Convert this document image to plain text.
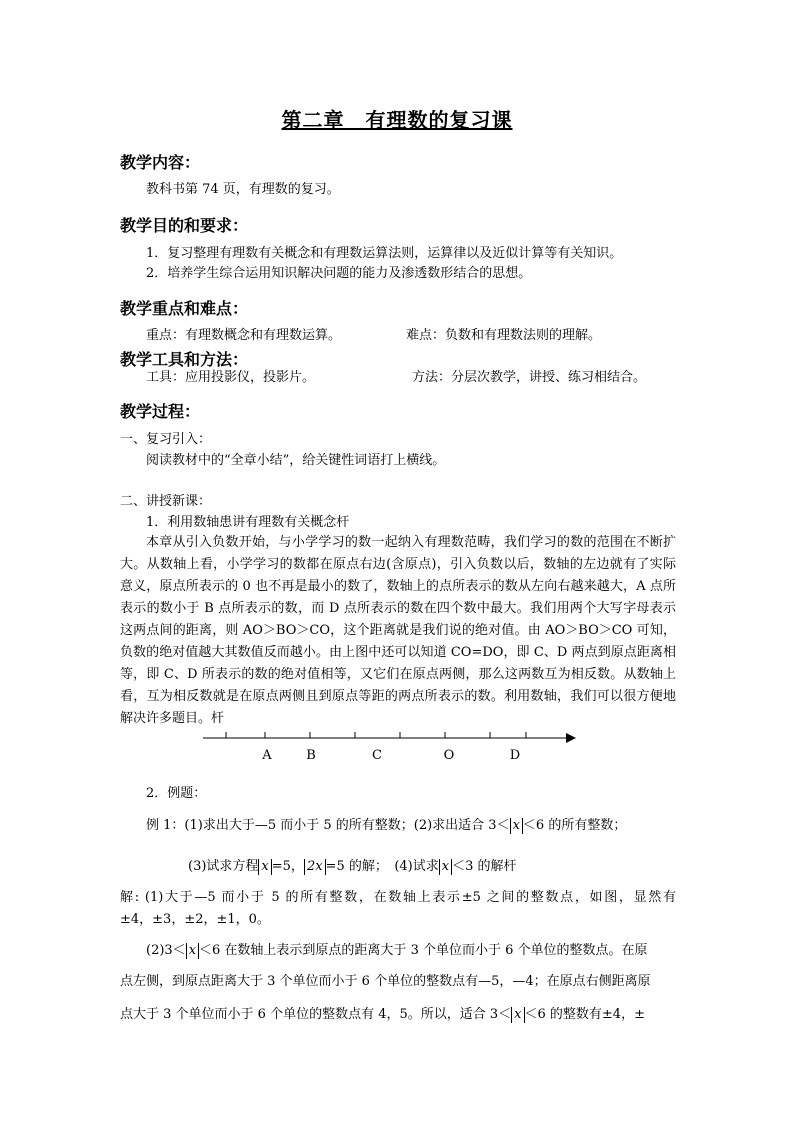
第二章　有理数的复习课
教学内容：
教科书第 74 页，有理数的复习。
教学目的和要求：
1．复习整理有理数有关概念和有理数运算法则，运算律以及近似计算等有关知识。
2．培养学生综合运用知识解决问题的能力及渗透数形结合的思想。
教学重点和难点：
重点：有理数概念和有理数运算。	难点：负数和有理数法则的理解。
教学工具和方法：
工具：应用投影仪，投影片。	方法：分层次教学，讲授、练习相结合。
教学过程：
一、复习引入：
阅读教材中的“全章小结”，给关键性词语打上横线。
二、讲授新课：
1．利用数轴患讲有理数有关概念杆
本章从引入负数开始，与小学学习的数一起纳入有理数范畴，我们学习的数的范围在不断扩大。从数轴上看，小学学习的数都在原点右边(含原点)，引入负数以后，数轴的左边就有了实际意义，原点所表示的 0 也不再是最小的数了，数轴上的点所表示的数从左向右越来越大，A 点所表示的数小于 B 点所表示的数，而 D 点所表示的数在四个数中最大。我们用两个大写字母表示这两点间的距离，则 AO＞BO＞CO，这个距离就是我们说的绝对值。由 AO＞BO＞CO 可知，负数的绝对值越大其数值反而越小。由上图中还可以知道 CO=DO，即 C、D 两点到原点距离相等，即 C、D 所表示的数的绝对值相等，又它们在原点两侧，那么这两数互为相反数。从数轴上看，互为相反数就是在原点两侧且到原点等距的两点所表示的数。利用数轴，我们可以很方便地解决许多题目。杆
A	B	C	O	D
2．例题：
例 1：(1)求出大于—5 而小于 5 的所有整数；(2)求出适合 3＜ x ＜6 的所有整数；
(3)试求方程 x =5， 2x =5 的解；　(4)试求 x ＜3 的解杆
解: (1)大于—5 而小于 5 的所有整数，在数轴上表示±5 之间的整数点，如图，显然有±4，±3，±2，±1，0。
(2)3＜ x ＜6 在数轴上表示到原点的距离大于 3 个单位而小于 6 个单位的整数点。在原
点左侧，到原点距离大于 3 个单位而小于 6 个单位的整数点有—5，—4；在原点右侧距离原
点大于 3 个单位而小于 6 个单位的整数点有 4，5。所以，适合 3＜ x ＜6 的整数有±4，±
